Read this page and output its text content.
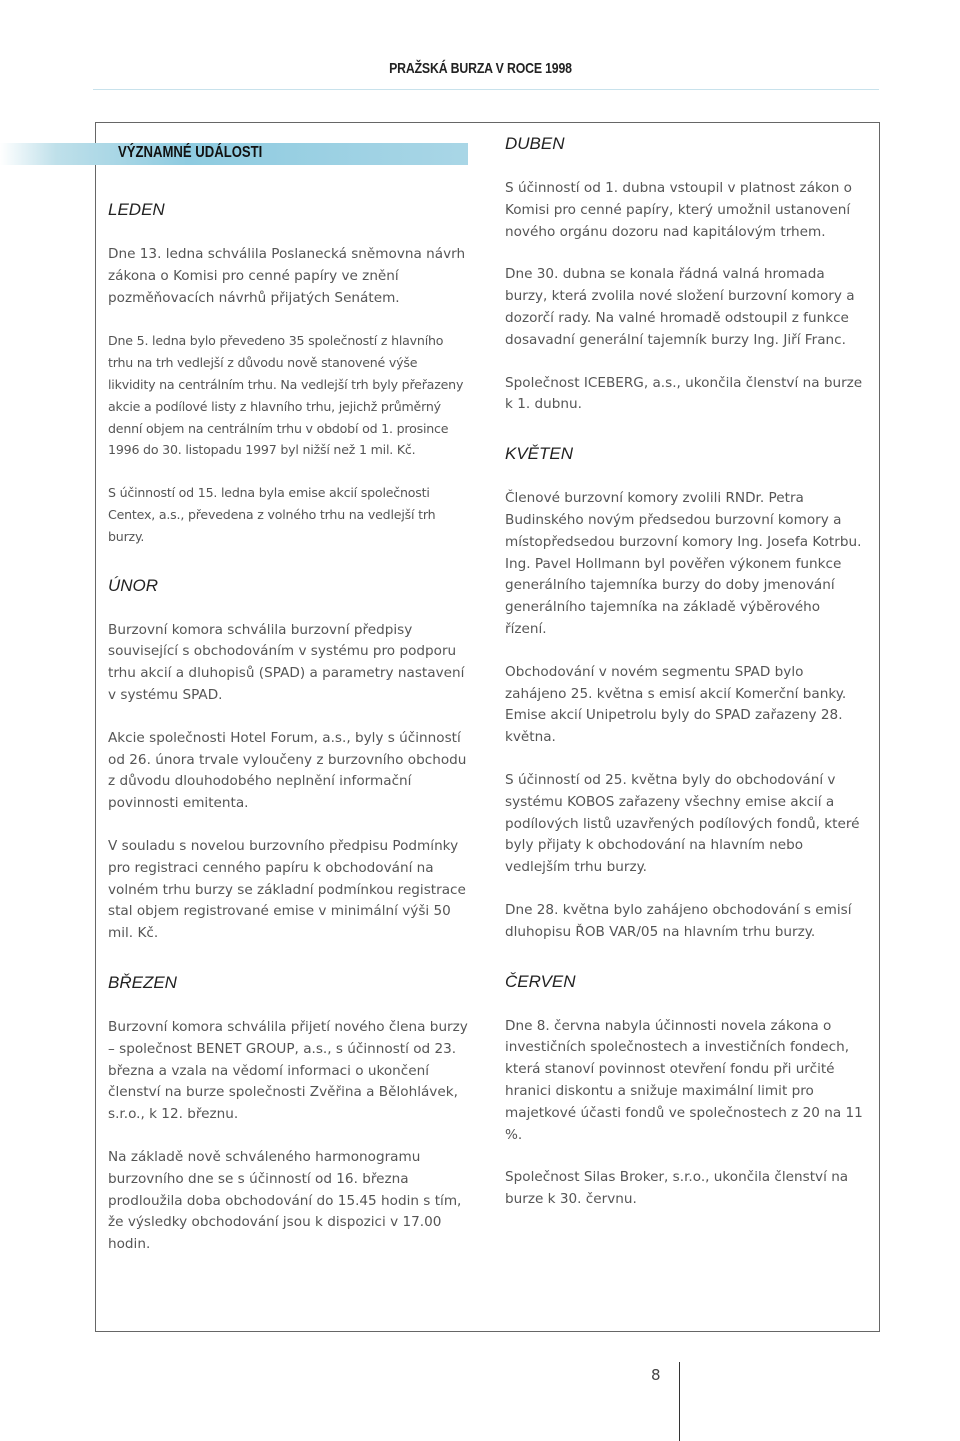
PRAŽSKÁ BURZA V ROCE 1998
VÝZNAMNÉ UDÁLOSTI
LEDEN

Dne 13. ledna schválila Poslanecká sněmovna návrh zákona o Komisi pro cenné papíry ve znění pozměňovacích návrhů přijatých Senátem.

Dne 5. ledna bylo převedeno 35 společností z hlavního trhu na trh vedlejší z důvodu nově stanovené výše likvidity na centrálním trhu. Na vedlejší trh byly přeřazeny akcie a podílové listy z hlavního trhu, jejichž průměrný denní objem na centrálním trhu v období od 1. prosince 1996 do 30. listopadu 1997 byl nižší než 1 mil. Kč.

S účinností od 15. ledna byla emise akcií společnosti Centex, a.s., převedena z volného trhu na vedlejší trh burzy.

ÚNOR

Burzovní komora schválila burzovní předpisy související s obchodováním v systému pro podporu trhu akcií a dluhopisů (SPAD) a parametry nastavení v systému SPAD.

Akcie společnosti Hotel Forum, a.s., byly s účinností od 26. února trvale vyloučeny z burzovního obchodu z důvodu dlouhodobého neplnění informační povinnosti emitenta.

V souladu s novelou burzovního předpisu Podmínky pro registraci cenného papíru k obchodování na volném trhu burzy se základní podmínkou registrace stal objem registrované emise v minimální výši 50 mil. Kč.

BŘEZEN

Burzovní komora schválila přijetí nového člena burzy – společnost BENET GROUP, a.s., s účinností od 23. března a vzala na vědomí informaci o ukončení členství na burze společnosti Zvěřina a Bělohlávek, s.r.o., k 12. březnu.

Na základě nově schváleného harmonogramu burzovního dne se s účinností od 16. března prodloužila doba obchodování do 15.45 hodin s tím, že výsledky obchodování jsou k dispozici v 17.00 hodin.

DUBEN

S účinností od 1. dubna vstoupil v platnost zákon o Komisi pro cenné papíry, který umožnil ustanovení nového orgánu dozoru nad kapitálovým trhem.

Dne 30. dubna se konala řádná valná hromada burzy, která zvolila nové složení burzovní komory a dozorčí rady. Na valné hromadě odstoupil z funkce dosavadní generální tajemník burzy Ing. Jiří Franc.

Společnost ICEBERG, a.s., ukončila členství na burze k 1. dubnu.

KVĚTEN

Členové burzovní komory zvolili RNDr. Petra Budinského novým předsedou burzovní komory a místopředsedou burzovní komory Ing. Josefa Kotrbu. Ing. Pavel Hollmann byl pověřen výkonem funkce generálního tajemníka burzy do doby jmenování generálního tajemníka na základě výběrového řízení.

Obchodování v novém segmentu SPAD bylo zahájeno 25. května s emisí akcií Komerční banky. Emise akcií Unipetrolu byly do SPAD zařazeny 28. května.

S účinností od 25. května byly do obchodování v systému KOBOS zařazeny všechny emise akcií a podílových listů uzavřených podílových fondů, které byly přijaty k obchodování na hlavním nebo vedlejším trhu burzy.

Dne 28. května bylo zahájeno obchodování s emisí dluhopisu ŘOB VAR/05 na hlavním trhu burzy.

ČERVEN

Dne 8. června nabyla účinnosti novela zákona o investičních společnostech a investičních fondech, která stanoví povinnost otevření fondu při určité hranici diskontu a snižuje maximální limit pro majetkové účasti fondů ve společnostech z 20 na 11 %.

Společnost Silas Broker, s.r.o., ukončila členství na burze k 30. červnu.

8
